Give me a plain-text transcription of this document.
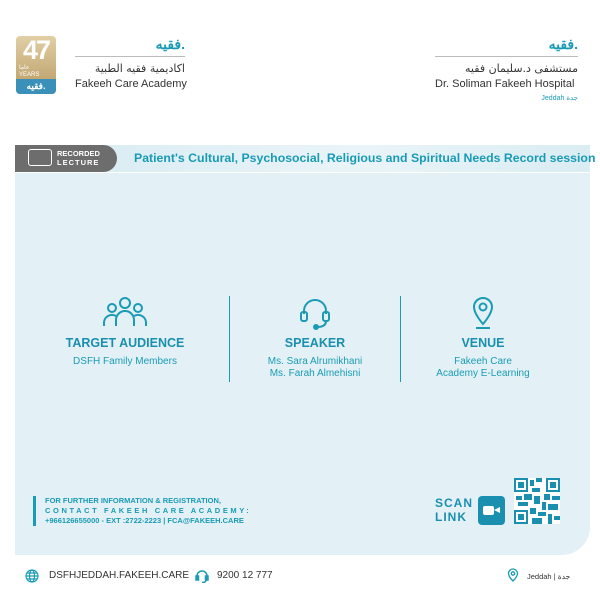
47
عاما
YEARS
فقيه.
فقيه.
اكاديمية فقيه الطبية
Fakeeh Care Academy
فقيه.
مستشفى د.سليمان فقيه
Dr. Soliman Fakeeh Hospital
Jeddah جدة
RECORDED
LECTURE	Patient's Cultural, Psychosocial, Religious and Spiritual Needs Record session
TARGET AUDIENCE

DSFH Family Members

SPEAKER

Ms. Sara Alrumikhani
Ms. Farah Almehisni

VENUE

Fakeeh Care
Academy E-Learning

FOR FURTHER INFORMATION & REGISTRATION,
CONTACT FAKEEH CARE ACADEMY:
+966126655000 - EXT :2722-2223 | FCA@FAKEEH.CARE
SCAN
LINK
DSFHJEDDAH.FAKEEH.CARE	9200 12 777	Jeddah | جدة
